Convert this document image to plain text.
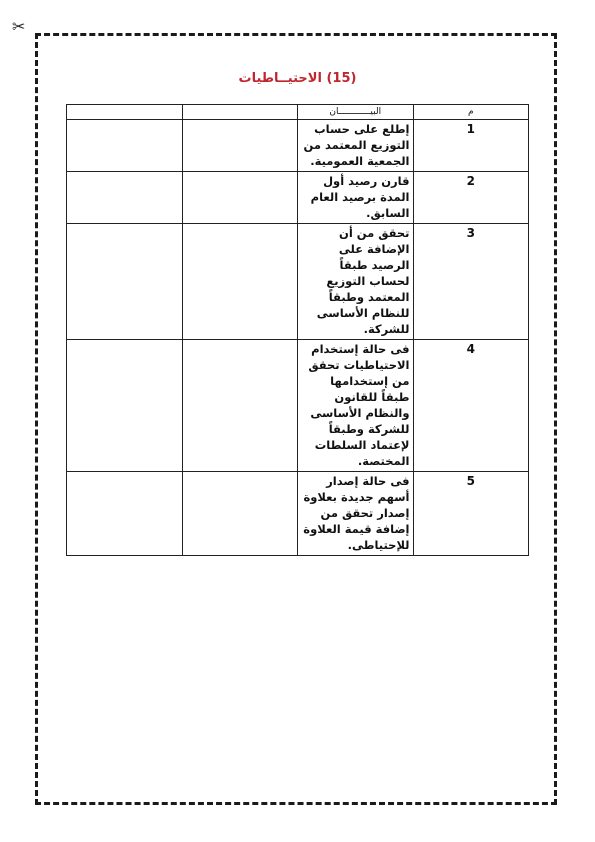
✂
(15) الاحتيــاطيات
م	البيــــــــــــان		
1	إطلع على حساب التوزيع المعتمد من الجمعية العمومية.		
2	قارن رصيد أول المدة برصيد العام السابق.		
3	تحقق من أن الإضافة على الرصيد طبقاً لحساب التوزيع المعتمد وطبقاً للنظام الأساسى للشركة.		
4	فى حالة إستخدام الاحتياطيات تحقق من إستخدامها طبقاً للقانون والنظام الأساسى للشركة وطبقاً لإعتماد السلطات المختصة.		
5	فى حالة إصدار أسهم جديدة بعلاوة إصدار تحقق من إضافة قيمة العلاوة للإحتياطى.		
